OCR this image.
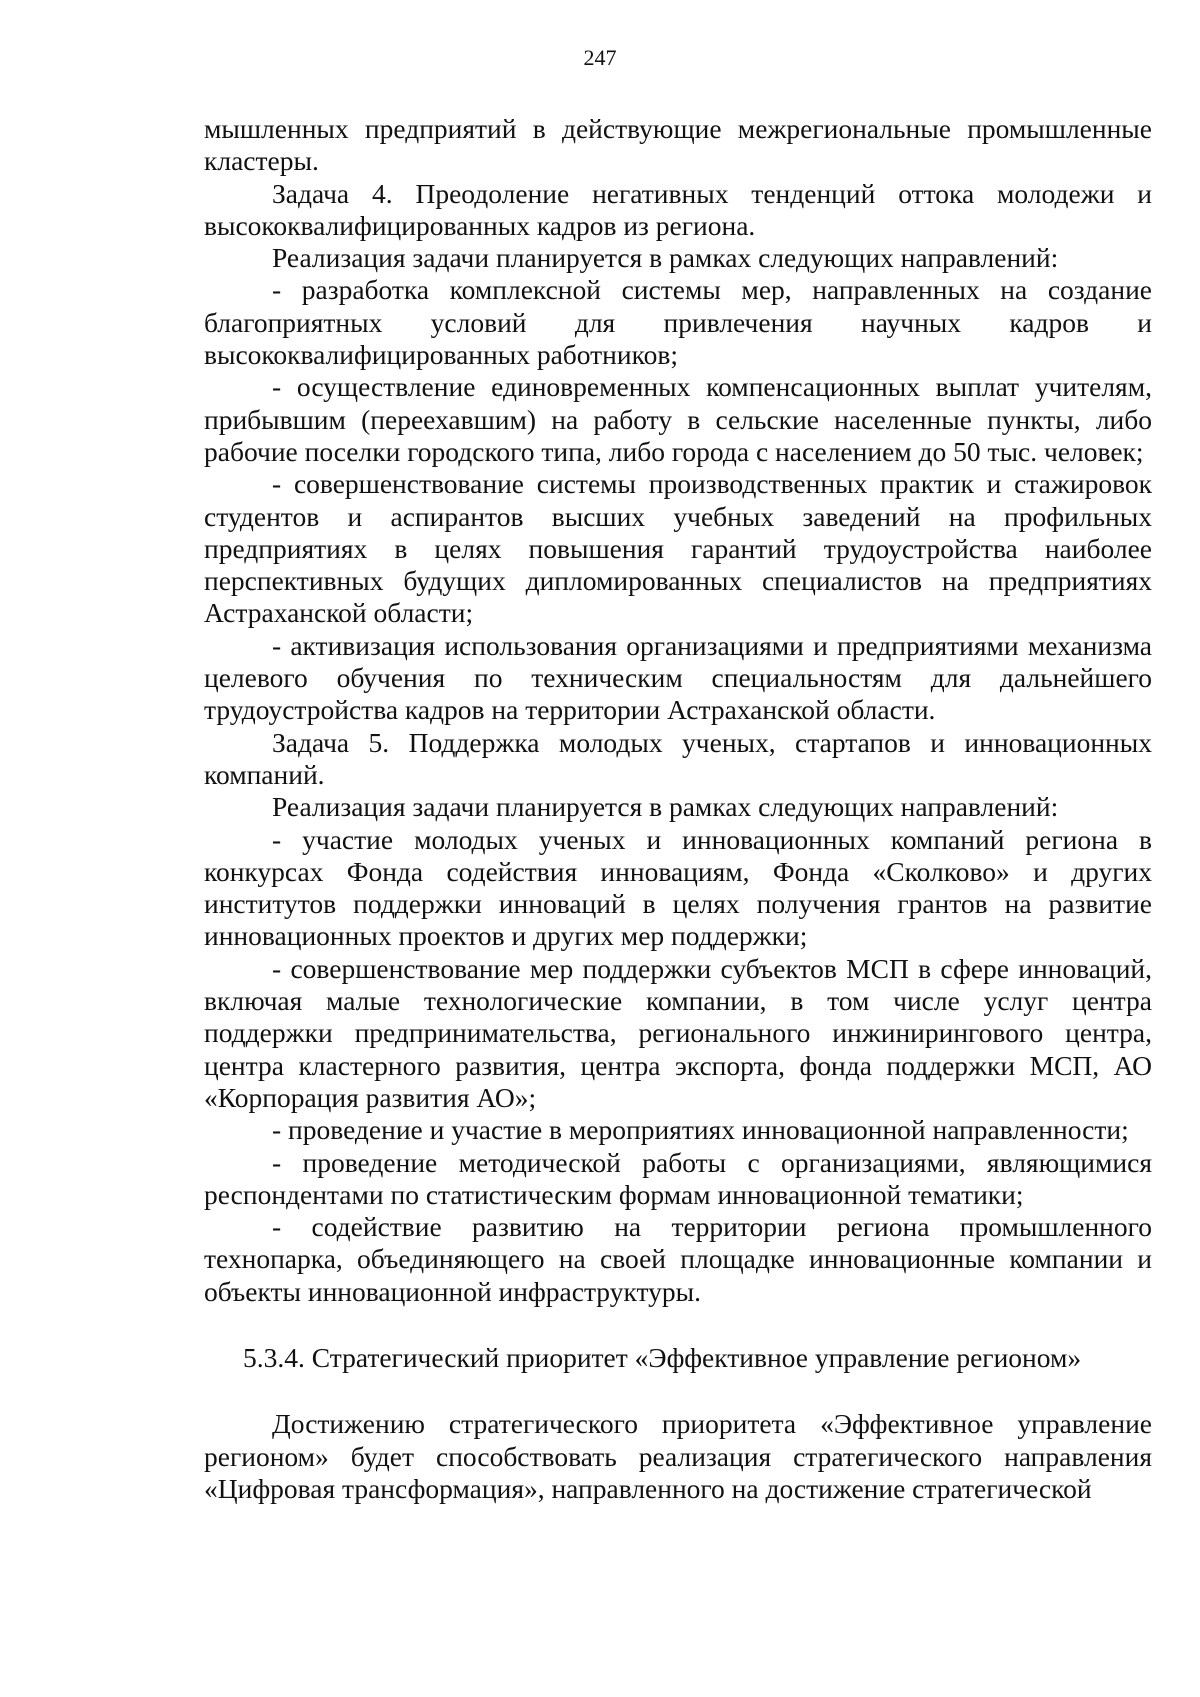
247

мышленных предприятий в действующие межрегиональные промышленные кластеры.

Задача 4. Преодоление негативных тенденций оттока молодежи и высококвалифицированных кадров из региона.

Реализация задачи планируется в рамках следующих направлений:

- разработка комплексной системы мер, направленных на создание благоприятных условий для привлечения научных кадров и высококвалифицированных работников;

- осуществление единовременных компенсационных выплат учителям, прибывшим (переехавшим) на работу в сельские населенные пункты, либо рабочие поселки городского типа, либо города с населением до 50 тыс. человек;

- совершенствование системы производственных практик и стажировок студентов и аспирантов высших учебных заведений на профильных предприятиях в целях повышения гарантий трудоустройства наиболее перспективных будущих дипломированных специалистов на предприятиях Астраханской области;

- активизация использования организациями и предприятиями механизма целевого обучения по техническим специальностям для дальнейшего трудоустройства кадров на территории Астраханской области.

Задача 5. Поддержка молодых ученых, стартапов и инновационных компаний.

Реализация задачи планируется в рамках следующих направлений:

- участие молодых ученых и инновационных компаний региона в конкурсах Фонда содействия инновациям, Фонда «Сколково» и других институтов поддержки инноваций в целях получения грантов на развитие инновационных проектов и других мер поддержки;

- совершенствование мер поддержки субъектов МСП в сфере инноваций, включая малые технологические компании, в том числе услуг центра поддержки предпринимательства, регионального инжинирингового центра, центра кластерного развития, центра экспорта, фонда поддержки МСП, АО «Корпорация развития АО»;

- проведение и участие в мероприятиях инновационной направленности;

- проведение методической работы с организациями, являющимися респондентами по статистическим формам инновационной тематики;

- содействие развитию на территории региона промышленного технопарка, объединяющего на своей площадке инновационные компании и объекты инновационной инфраструктуры.

5.3.4. Стратегический приоритет «Эффективное управление регионом»

Достижению стратегического приоритета «Эффективное управление регионом» будет способствовать реализация стратегического направления «Цифровая трансформация», направленного на достижение стратегической
